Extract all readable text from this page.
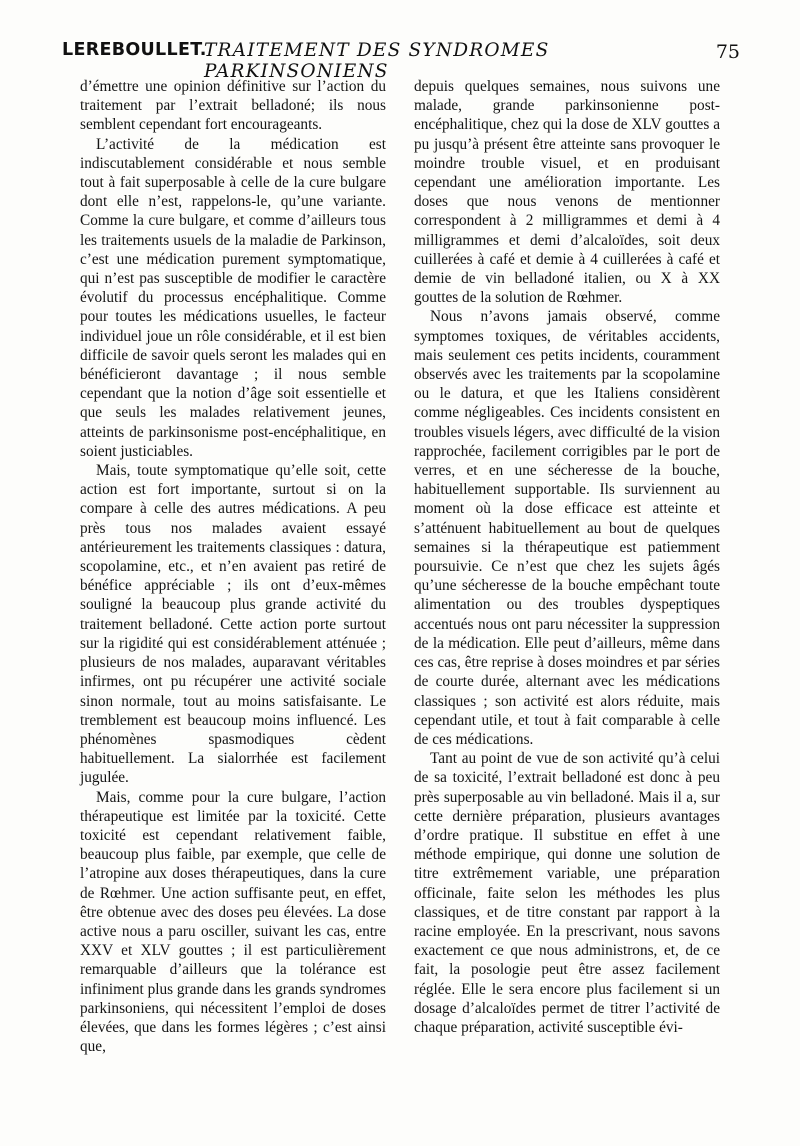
LEREBOULLET.
TRAITEMENT DES SYNDROMES PARKINSONIENS
75

d’émettre une opinion définitive sur l’action du traitement par l’extrait belladoné; ils nous semblent cependant fort encourageants.

L’activité de la médication est indiscutablement considérable et nous semble tout à fait superposable à celle de la cure bulgare dont elle n’est, rappelons-le, qu’une variante. Comme la cure bulgare, et comme d’ailleurs tous les traitements usuels de la maladie de Parkinson, c’est une médication purement symptomatique, qui n’est pas susceptible de modifier le caractère évolutif du processus encéphalitique. Comme pour toutes les médications usuelles, le facteur individuel joue un rôle considérable, et il est bien difficile de savoir quels seront les malades qui en bénéficieront davantage ; il nous semble cependant que la notion d’âge soit essentielle et que seuls les malades relativement jeunes, atteints de parkinsonisme post-encéphalitique, en soient justiciables.

Mais, toute symptomatique qu’elle soit, cette action est fort importante, surtout si on la compare à celle des autres médications. A peu près tous nos malades avaient essayé antérieurement les traitements classiques : datura, scopolamine, etc., et n’en avaient pas retiré de bénéfice appréciable ; ils ont d’eux-mêmes souligné la beaucoup plus grande activité du traitement belladoné. Cette action porte surtout sur la rigidité qui est considérablement atténuée ; plusieurs de nos malades, auparavant véritables infirmes, ont pu récupérer une activité sociale sinon normale, tout au moins satisfaisante. Le tremblement est beaucoup moins influencé. Les phénomènes spasmodiques cèdent habituellement. La sialorrhée est facilement jugulée.

Mais, comme pour la cure bulgare, l’action thérapeutique est limitée par la toxicité. Cette toxicité est cependant relativement faible, beaucoup plus faible, par exemple, que celle de l’atropine aux doses thérapeutiques, dans la cure de Rœhmer. Une action suffisante peut, en effet, être obtenue avec des doses peu élevées. La dose active nous a paru osciller, suivant les cas, entre XXV et XLV gouttes ; il est particulièrement remarquable d’ailleurs que la tolérance est infiniment plus grande dans les grands syndromes parkinsoniens, qui nécessitent l’emploi de doses élevées, que dans les formes légères ; c’est ainsi que,

depuis quelques semaines, nous suivons une malade, grande parkinsonienne post-encéphalitique, chez qui la dose de XLV gouttes a pu jusqu’à présent être atteinte sans provoquer le moindre trouble visuel, et en produisant cependant une amélioration importante. Les doses que nous venons de mentionner correspondent à 2 milligrammes et demi à 4 milligrammes et demi d’alcaloïdes, soit deux cuillerées à café et demie à 4 cuillerées à café et demie de vin belladoné italien, ou X à XX gouttes de la solution de Rœhmer.

Nous n’avons jamais observé, comme symptomes toxiques, de véritables accidents, mais seulement ces petits incidents, couramment observés avec les traitements par la scopolamine ou le datura, et que les Italiens considèrent comme négligeables. Ces incidents consistent en troubles visuels légers, avec difficulté de la vision rapprochée, facilement corrigibles par le port de verres, et en une sécheresse de la bouche, habituellement supportable. Ils surviennent au moment où la dose efficace est atteinte et s’atténuent habituellement au bout de quelques semaines si la thérapeutique est patiemment poursuivie. Ce n’est que chez les sujets âgés qu’une sécheresse de la bouche empêchant toute alimentation ou des troubles dyspeptiques accentués nous ont paru nécessiter la suppression de la médication. Elle peut d’ailleurs, même dans ces cas, être reprise à doses moindres et par séries de courte durée, alternant avec les médications classiques ; son activité est alors réduite, mais cependant utile, et tout à fait comparable à celle de ces médications.

Tant au point de vue de son activité qu’à celui de sa toxicité, l’extrait belladoné est donc à peu près superposable au vin belladoné. Mais il a, sur cette dernière préparation, plusieurs avantages d’ordre pratique. Il substitue en effet à une méthode empirique, qui donne une solution de titre extrêmement variable, une préparation officinale, faite selon les méthodes les plus classiques, et de titre constant par rapport à la racine employée. En la prescrivant, nous savons exactement ce que nous administrons, et, de ce fait, la posologie peut être assez facilement réglée. Elle le sera encore plus facilement si un dosage d’alcaloïdes permet de titrer l’activité de chaque préparation, activité susceptible évi-
